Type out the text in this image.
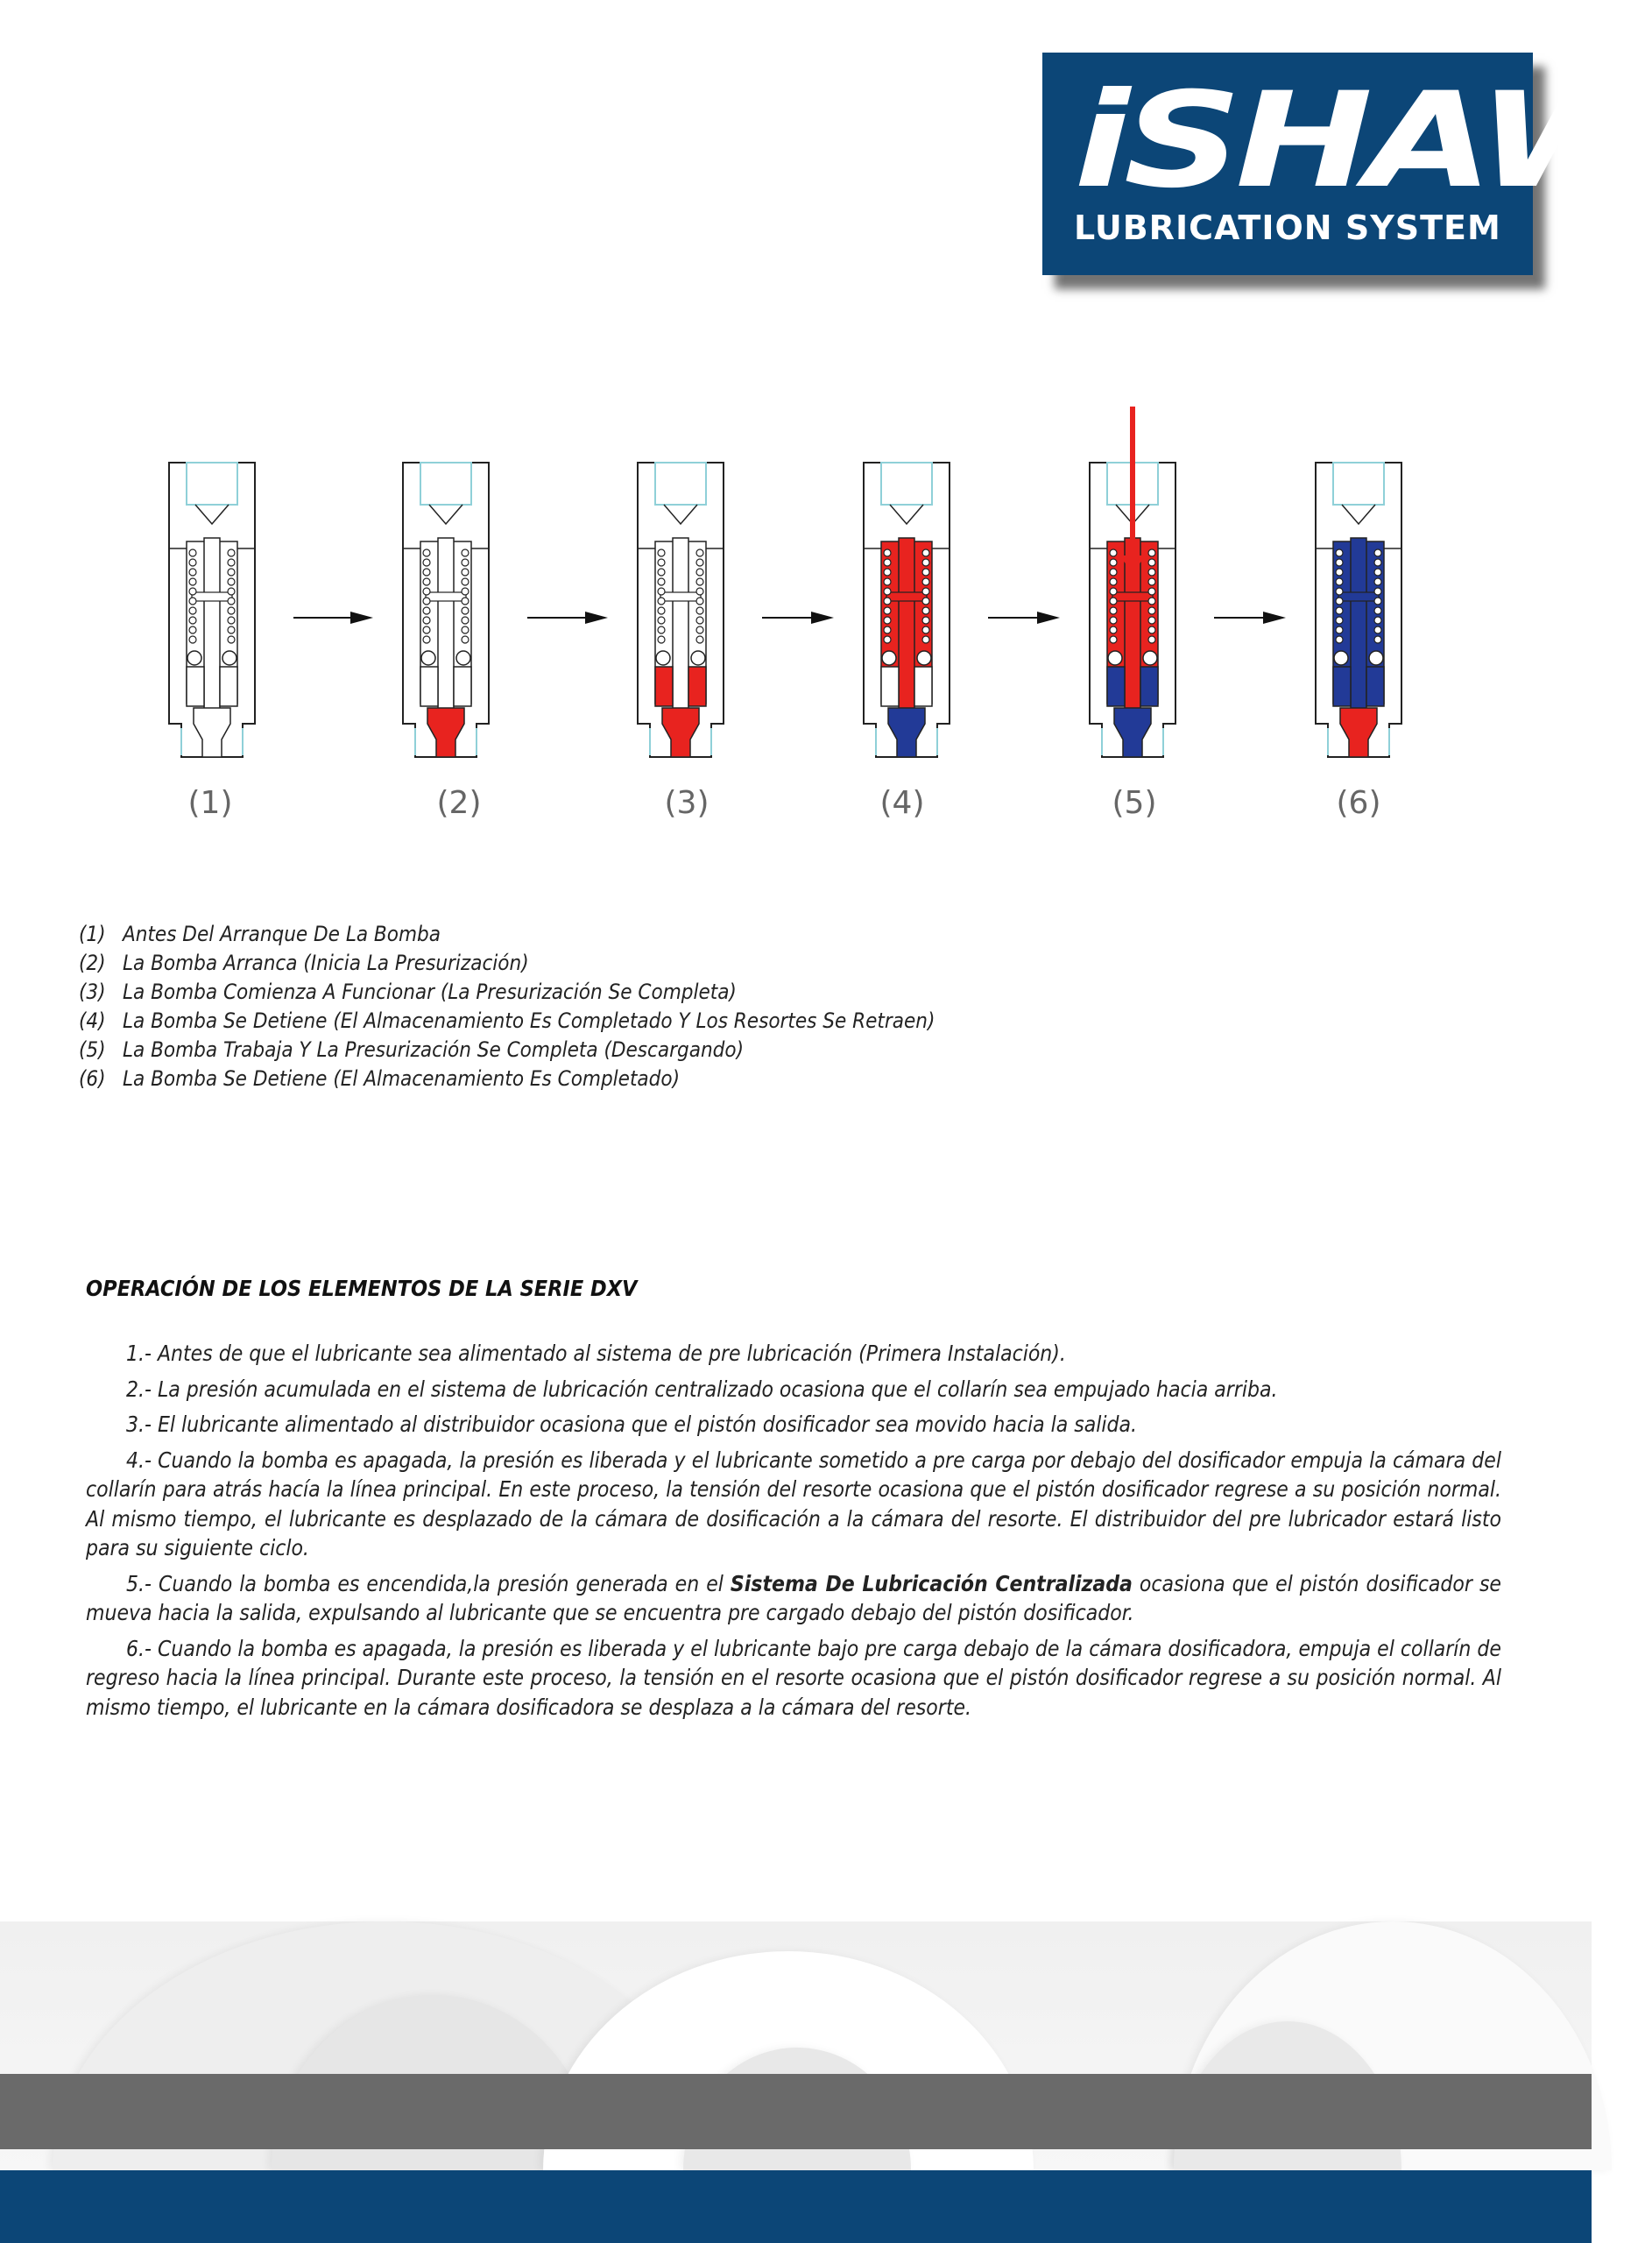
iSHAW
LUBRICATION SYSTEM
(1)	(2)	(3)	(4)	(5)	(6)
(1) Antes Del Arranque De La Bomba
(2) La Bomba Arranca (Inicia La Presurización)
(3) La Bomba Comienza A Funcionar (La Presurización Se Completa)
(4) La Bomba Se Detiene (El Almacenamiento Es Completado Y Los Resortes Se Retraen)
(5) La Bomba Trabaja Y La Presurización Se Completa (Descargando)
(6) La Bomba Se Detiene (El Almacenamiento Es Completado)
OPERACIÓN DE LOS ELEMENTOS DE LA SERIE DXV

1.- Antes de que el lubricante sea alimentado al sistema de pre lubricación (Primera Instalación).

2.- La presión acumulada en el sistema de lubricación centralizado ocasiona que el collarín sea empujado hacia arriba.

3.- El lubricante alimentado al distribuidor ocasiona que el pistón dosificador sea movido hacia la salida.

4.- Cuando la bomba es apagada, la presión es liberada y el lubricante sometido a pre carga por debajo del dosificador empuja la cámara del collarín para atrás hacía la línea principal. En este proceso, la tensión del resorte ocasiona que el pistón dosificador regrese a su posición normal. Al mismo tiempo, el lubricante es desplazado de la cámara de dosificación a la cámara del resorte. El distribuidor del pre lubricador estará listo para su siguiente ciclo.

5.- Cuando la bomba es encendida,la presión generada en el Sistema De Lubricación Centralizada ocasiona que el pistón dosificador se mueva hacia la salida, expulsando al lubricante que se encuentra pre cargado debajo del pistón dosificador.

6.- Cuando la bomba es apagada, la presión es liberada y el lubricante bajo pre carga debajo de la cámara dosificadora, empuja el collarín de regreso hacia la línea principal. Durante este proceso, la tensión en el resorte ocasiona que el pistón dosificador regrese a su posición normal. Al mismo tiempo, el lubricante en la cámara dosificadora se desplaza a la cámara del resorte.
